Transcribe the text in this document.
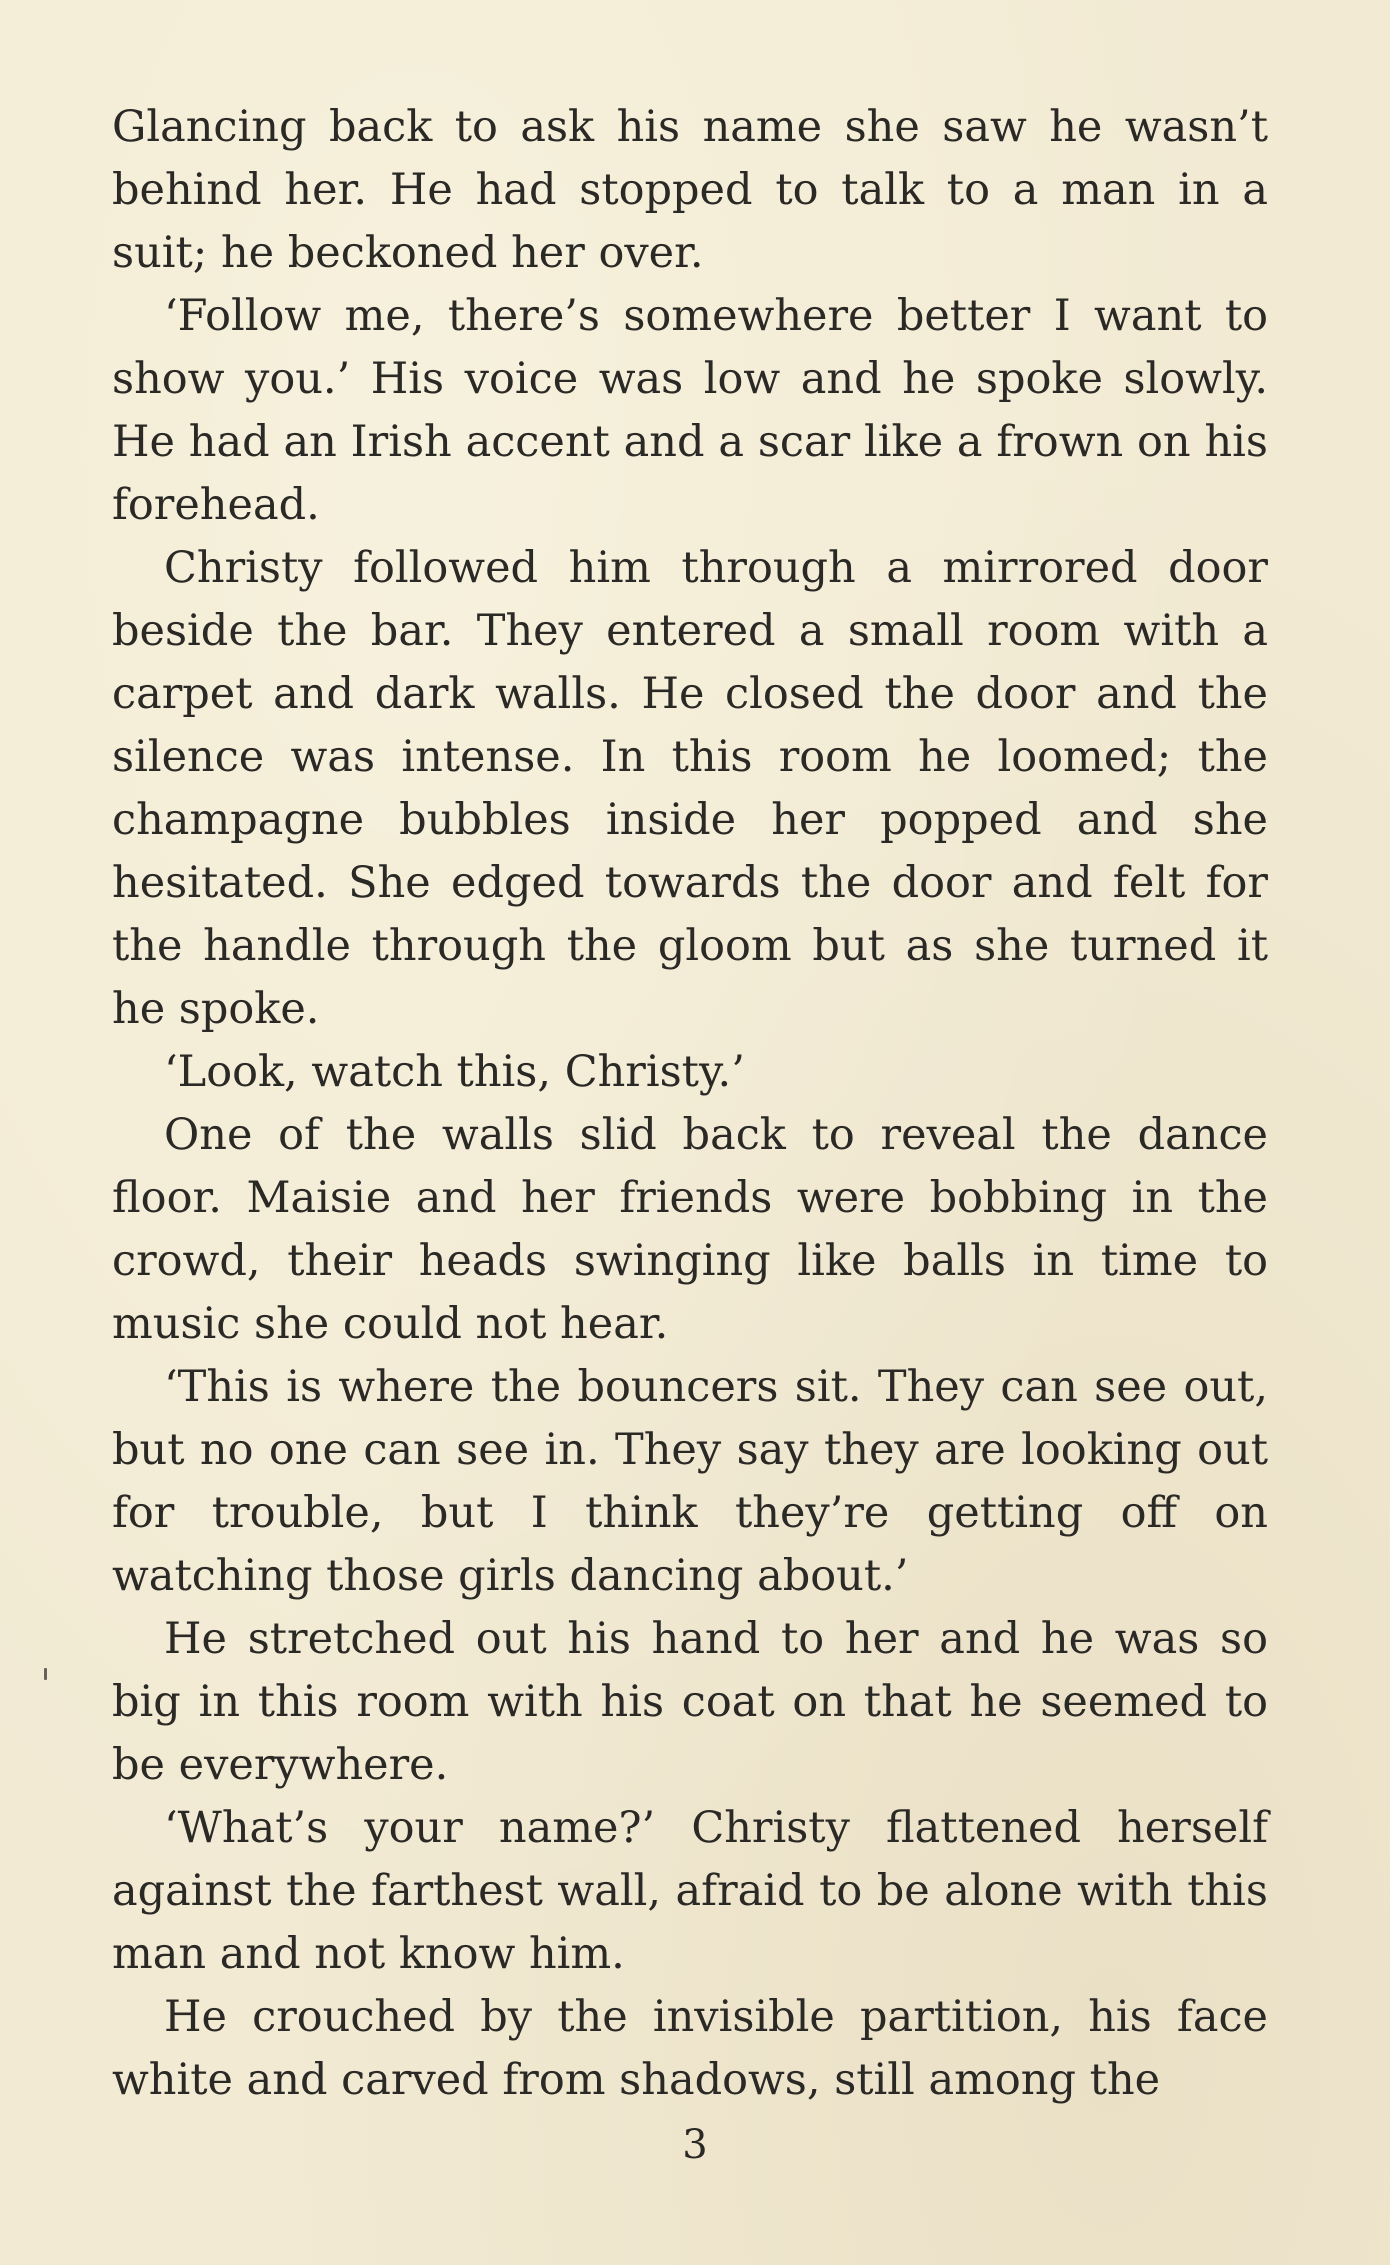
Glancing back to ask his name she saw he wasn’t behind her. He had stopped to talk to a man in a suit; he beckoned her over.

‘Follow me, there’s somewhere better I want to show you.’ His voice was low and he spoke slowly. He had an Irish accent and a scar like a frown on his forehead.

Christy followed him through a mirrored door beside the bar. They entered a small room with a carpet and dark walls. He closed the door and the silence was intense. In this room he loomed; the champagne bubbles inside her popped and she hesitated. She edged towards the door and felt for the handle through the gloom but as she turned it he spoke.

‘Look, watch this, Christy.’

One of the walls slid back to reveal the dance floor. Maisie and her friends were bobbing in the crowd, their heads swinging like balls in time to music she could not hear.

‘This is where the bouncers sit. They can see out, but no one can see in. They say they are looking out for trouble, but I think they’re getting off on watching those girls dancing about.’

He stretched out his hand to her and he was so big in this room with his coat on that he seemed to be everywhere.

‘What’s your name?’ Christy flattened herself against the farthest wall, afraid to be alone with this man and not know him.

He crouched by the invisible partition, his face white and carved from shadows, still among the

3
